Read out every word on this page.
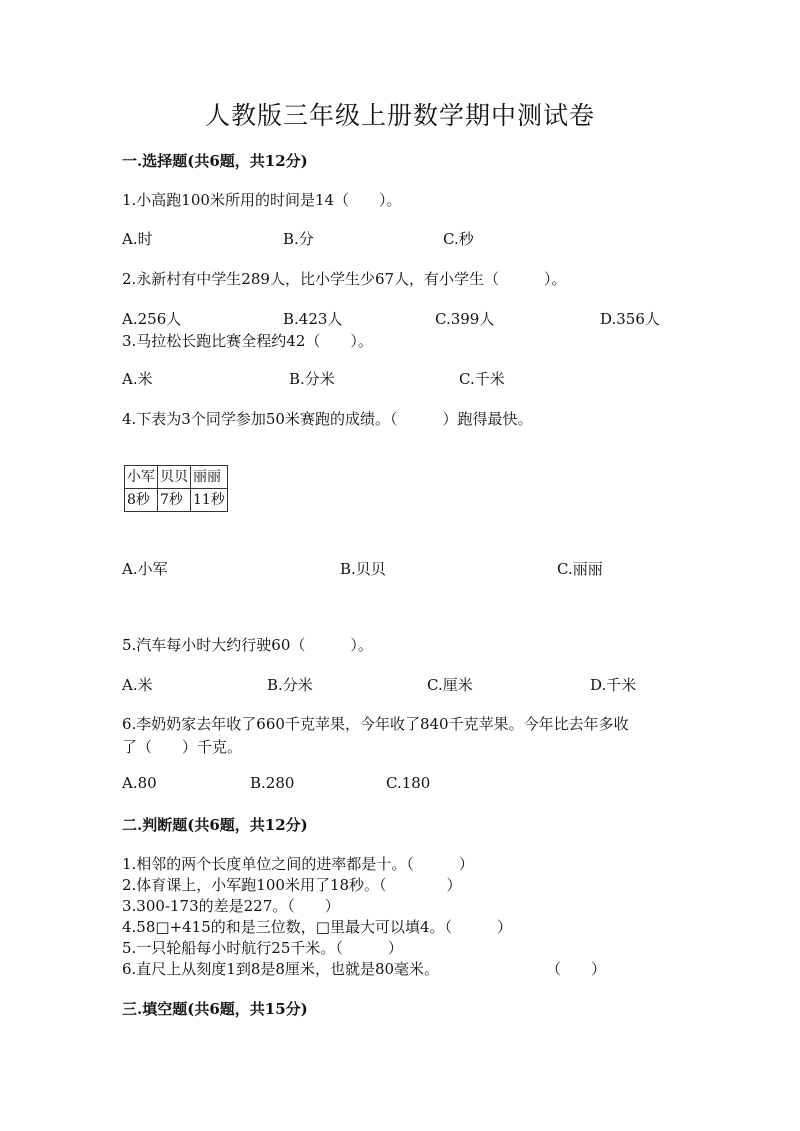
人教版三年级上册数学期中测试卷
一.选择题(共6题，共12分)
1.小高跑100米所用的时间是14（　　）。
A.时	B.分	C.秒
2.永新村有中学生289人，比小学生少67人，有小学生（　　　）。
A.256人	B.423人	C.399人	D.356人
3.马拉松长跑比赛全程约42（　　）。
A.米	B.分米	C.千米
4.下表为3个同学参加50米赛跑的成绩。（　　　）跑得最快。
小军	贝贝	丽丽
8秒	7秒	11秒
A.小军	B.贝贝	C.丽丽
5.汽车每小时大约行驶60（　　　）。
A.米	B.分米	C.厘米	D.千米
6.李奶奶家去年收了660千克苹果，今年收了840千克苹果。今年比去年多收
了（　　）千克。
A.80	B.280	C.180
二.判断题(共6题，共12分)
1.相邻的两个长度单位之间的进率都是十。（　　　）
2.体育课上，小军跑100米用了18秒。（　　　　）
3.300-173的差是227。（　　）
4.58□+415的和是三位数，□里最大可以填4。（　　　）
5.一只轮船每小时航行25千米。（　　　）
6.直尺上从刻度1到8是8厘米，也就是80毫米。	（　　）
三.填空题(共6题，共15分)
